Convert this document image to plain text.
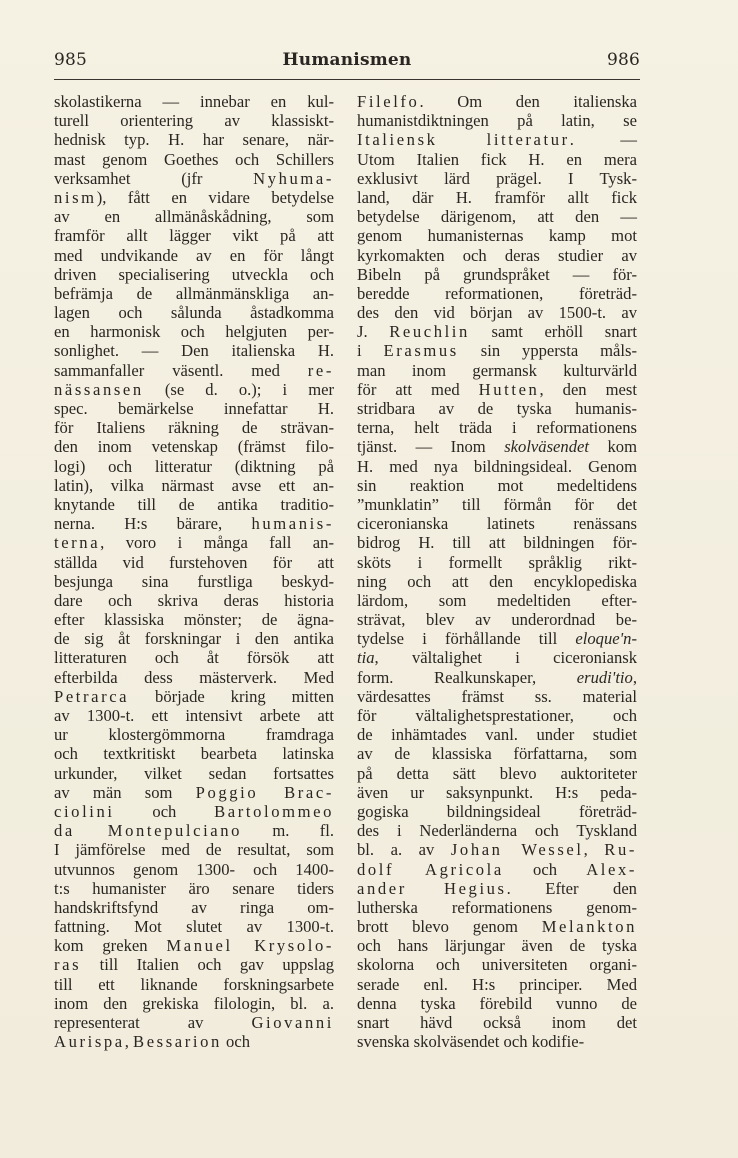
985	Humanismen	986
skolastikerna — innebar en kul-
turell orientering av klassiskt-
hednisk typ. H. har senare, när-
mast genom Goethes och Schillers
verksamhet (jfr Nyhuma-
nism), fått en vidare betydelse
av en allmänåskådning, som
framför allt lägger vikt på att
med undvikande av en för långt
driven specialisering utveckla och
befrämja de allmänmänskliga an-
lagen och sålunda åstadkomma
en harmonisk och helgjuten per-
sonlighet. — Den italienska H.
sammanfaller väsentl. med re-
nässansen (se d. o.); i mer
spec. bemärkelse innefattar H.
för Italiens räkning de strävan-
den inom vetenskap (främst filo-
logi) och litteratur (diktning på
latin), vilka närmast avse ett an-
knytande till de antika traditio-
nerna. H:s bärare, humanis-
terna, voro i många fall an-
ställda vid furstehoven för att
besjunga sina furstliga beskyd-
dare och skriva deras historia
efter klassiska mönster; de ägna-
de sig åt forskningar i den antika
litteraturen och åt försök att
efterbilda dess mästerverk. Med
Petrarca började kring mitten
av 1300-t. ett intensivt arbete att
ur klostergömmorna framdraga
och textkritiskt bearbeta latinska
urkunder, vilket sedan fortsattes
av män som Poggio Brac-
ciolini och Bartolommeo
da Montepulciano m. fl.
I jämförelse med de resultat, som
utvunnos genom 1300- och 1400-
t:s humanister äro senare tiders
handskriftsfynd av ringa om-
fattning. Mot slutet av 1300-t.
kom greken Manuel Krysolo-
ras till Italien och gav uppslag
till ett liknande forskningsarbete
inom den grekiska filologin, bl. a.
representerat av Giovanni
Aurispa, Bessarion och
Filelfo. Om den italienska
humanistdiktningen på latin, se
Italiensk litteratur. —
Utom Italien fick H. en mera
exklusivt lärd prägel. I Tysk-
land, där H. framför allt fick
betydelse därigenom, att den —
genom humanisternas kamp mot
kyrkomakten och deras studier av
Bibeln på grundspråket — för-
beredde reformationen, företräd-
des den vid början av 1500-t. av
J. Reuchlin samt erhöll snart
i Erasmus sin yppersta måls-
man inom germansk kulturvärld
för att med Hutten, den mest
stridbara av de tyska humanis-
terna, helt träda i reformationens
tjänst. — Inom skolväsendet kom
H. med nya bildningsideal. Genom
sin reaktion mot medeltidens
”munklatin” till förmån för det
ciceronianska latinets renässans
bidrog H. till att bildningen för-
sköts i formellt språklig rikt-
ning och att den encyklopediska
lärdom, som medeltiden efter-
strävat, blev av underordnad be-
tydelse i förhållande till eloque'n-
tia, vältalighet i ciceroniansk
form. Realkunskaper, erudi'tio,
värdesattes främst ss. material
för vältalighetsprestationer, och
de inhämtades vanl. under studiet
av de klassiska författarna, som
på detta sätt blevo auktoriteter
även ur saksynpunkt. H:s peda-
gogiska bildningsideal företräd-
des i Nederländerna och Tyskland
bl. a. av Johan Wessel, Ru-
dolf Agricola och Alex-
ander Hegius. Efter den
lutherska reformationens genom-
brott blevo genom Melankton
och hans lärjungar även de tyska
skolorna och universiteten organi-
serade enl. H:s principer. Med
denna tyska förebild vunno de
snart hävd också inom det
svenska skolväsendet och kodifie-
